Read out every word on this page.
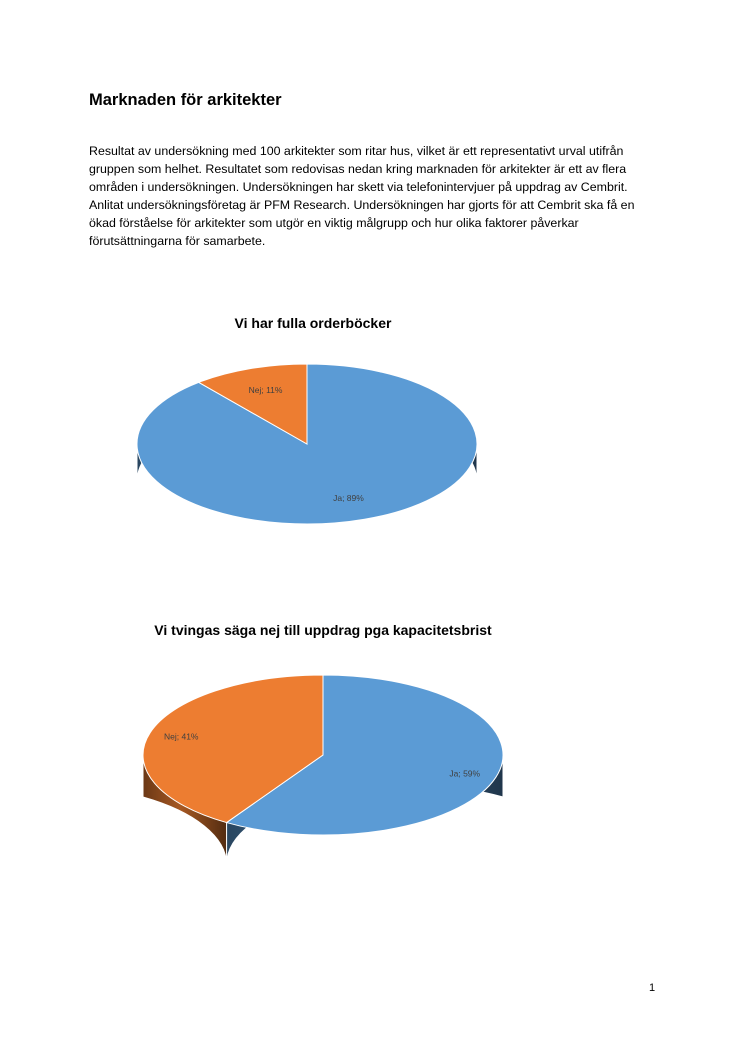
Marknaden för arkitekter

Resultat av undersökning med 100 arkitekter som ritar hus, vilket är ett representativt urval utifrån gruppen som helhet. Resultatet som redovisas nedan kring marknaden för arkitekter är ett av flera områden i undersökningen. Undersökningen har skett via telefonintervjuer på uppdrag av Cembrit. Anlitat undersökningsföretag är PFM Research. Undersökningen har gjorts för att Cembrit ska få en ökad förståelse för arkitekter som utgör en viktig målgrupp och hur olika faktorer påverkar förutsättningarna för samarbete.

Vi har fulla orderböcker
Ja; 89%
Nej; 11%
Vi tvingas säga nej till uppdrag pga kapacitetsbrist
Ja; 59%
Nej; 41%
1
